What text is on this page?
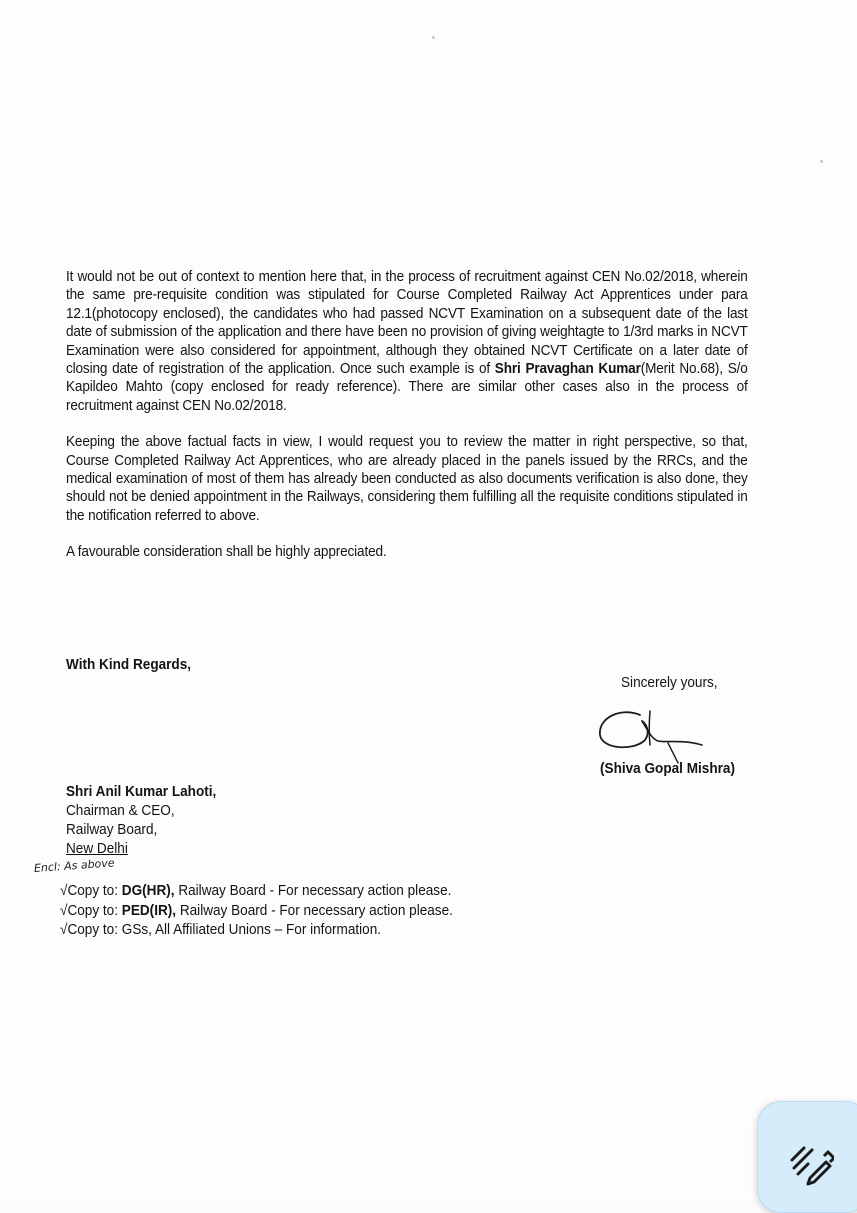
It would not be out of context to mention here that, in the process of recruitment against CEN No.02/2018, wherein the same pre-requisite condition was stipulated for Course Completed Railway Act Apprentices under para 12.1(photocopy enclosed), the candidates who had passed NCVT Examination on a subsequent date of the last date of submission of the application and there have been no provision of giving weightagte to 1/3rd marks in NCVT Examination were also considered for appointment, although they obtained NCVT Certificate on a later date of closing date of registration of the application. Once such example is of Shri Pravaghan Kumar(Merit No.68), S/o Kapildeo Mahto (copy enclosed for ready reference). There are similar other cases also in the process of recruitment against CEN No.02/2018.

Keeping the above factual facts in view, I would request you to review the matter in right perspective, so that, Course Completed Railway Act Apprentices, who are already placed in the panels issued by the RRCs, and the medical examination of most of them has already been conducted as also documents verification is also done, they should not be denied appointment in the Railways, considering them fulfilling all the requisite conditions stipulated in the notification referred to above.

A favourable consideration shall be highly appreciated.

With Kind Regards,
Sincerely yours,
(Shiva Gopal Mishra)
Shri Anil Kumar Lahoti,
Chairman & CEO,
Railway Board,
New Delhi
Encl: As above
√Copy to: DG(HR), Railway Board - For necessary action please.
√Copy to: PED(IR), Railway Board - For necessary action please.
√Copy to: GSs, All Affiliated Unions – For information.
